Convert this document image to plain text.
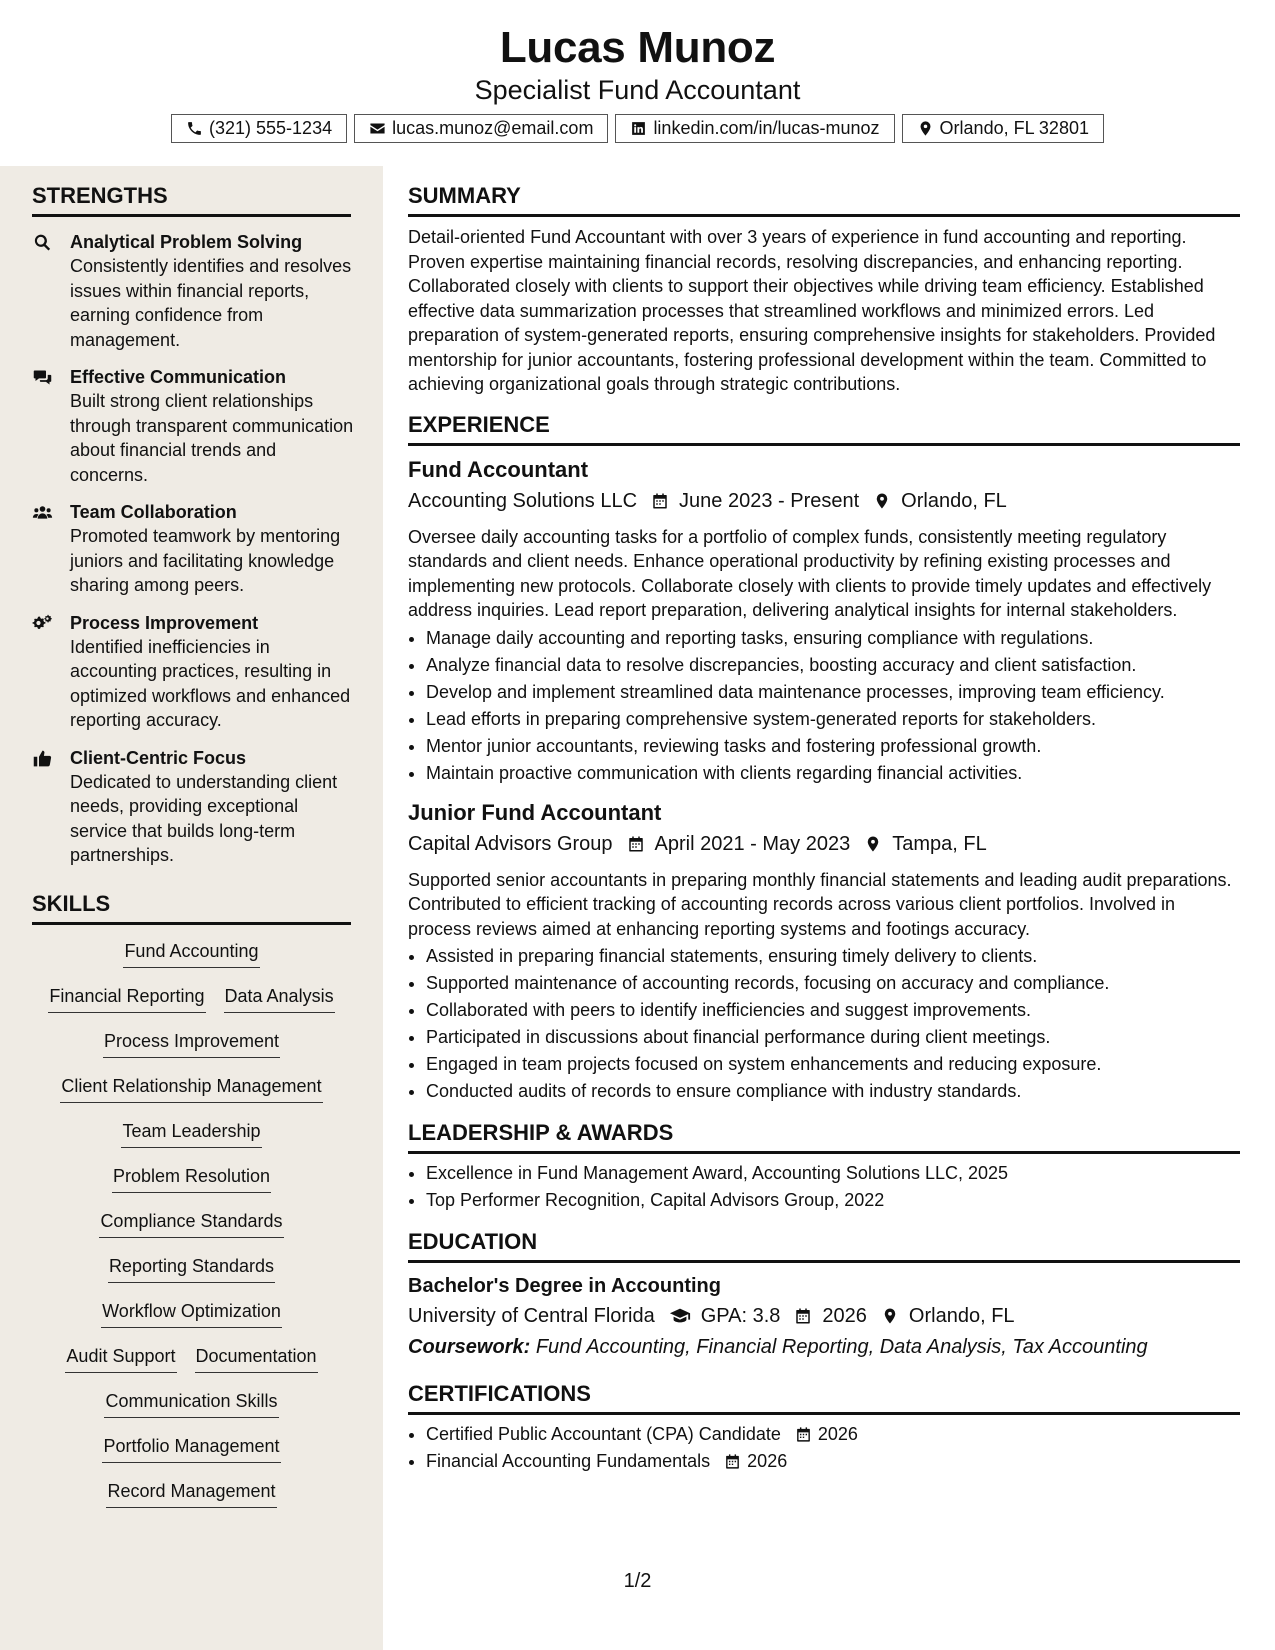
Lucas Munoz
Specialist Fund Accountant
(321) 555-1234	lucas.munoz@email.com	linkedin.com/in/lucas-munoz	Orlando, FL 32801
STRENGTHS
Analytical Problem Solving
Consistently identifies and resolves issues within financial reports, earning confidence from management.
Effective Communication
Built strong client relationships through transparent communication about financial trends and concerns.
Team Collaboration
Promoted teamwork by mentoring juniors and facilitating knowledge sharing among peers.
Process Improvement
Identified inefficiencies in accounting practices, resulting in optimized workflows and enhanced reporting accuracy.
Client-Centric Focus
Dedicated to understanding client needs, providing exceptional service that builds long-term partnerships.
SKILLS
Fund Accounting
Financial Reporting Data Analysis
Process Improvement
Client Relationship Management
Team Leadership
Problem Resolution
Compliance Standards
Reporting Standards
Workflow Optimization
Audit Support Documentation
Communication Skills
Portfolio Management
Record Management
SUMMARY
Detail-oriented Fund Accountant with over 3 years of experience in fund accounting and reporting. Proven expertise maintaining financial records, resolving discrepancies, and enhancing reporting. Collaborated closely with clients to support their objectives while driving team efficiency. Established effective data summarization processes that streamlined workflows and minimized errors. Led preparation of system-generated reports, ensuring comprehensive insights for stakeholders. Provided mentorship for junior accountants, fostering professional development within the team. Committed to achieving organizational goals through strategic contributions.
EXPERIENCE
Fund Accountant
Accounting Solutions LLC June 2023 - Present Orlando, FL
Oversee daily accounting tasks for a portfolio of complex funds, consistently meeting regulatory standards and client needs. Enhance operational productivity by refining existing processes and implementing new protocols. Collaborate closely with clients to provide timely updates and effectively address inquiries. Lead report preparation, delivering analytical insights for internal stakeholders.
• Manage daily accounting and reporting tasks, ensuring compliance with regulations.
• Analyze financial data to resolve discrepancies, boosting accuracy and client satisfaction.
• Develop and implement streamlined data maintenance processes, improving team efficiency.
• Lead efforts in preparing comprehensive system-generated reports for stakeholders.
• Mentor junior accountants, reviewing tasks and fostering professional growth.
• Maintain proactive communication with clients regarding financial activities.
Junior Fund Accountant
Capital Advisors Group April 2021 - May 2023 Tampa, FL
Supported senior accountants in preparing monthly financial statements and leading audit preparations. Contributed to efficient tracking of accounting records across various client portfolios. Involved in process reviews aimed at enhancing reporting systems and footings accuracy.
• Assisted in preparing financial statements, ensuring timely delivery to clients.
• Supported maintenance of accounting records, focusing on accuracy and compliance.
• Collaborated with peers to identify inefficiencies and suggest improvements.
• Participated in discussions about financial performance during client meetings.
• Engaged in team projects focused on system enhancements and reducing exposure.
• Conducted audits of records to ensure compliance with industry standards.
LEADERSHIP & AWARDS
• Excellence in Fund Management Award, Accounting Solutions LLC, 2025
• Top Performer Recognition, Capital Advisors Group, 2022
EDUCATION
Bachelor's Degree in Accounting
University of Central Florida GPA: 3.8 2026 Orlando, FL
Coursework: Fund Accounting, Financial Reporting, Data Analysis, Tax Accounting
CERTIFICATIONS
• Certified Public Accountant (CPA) Candidate 2026
• Financial Accounting Fundamentals 2026
1/2
